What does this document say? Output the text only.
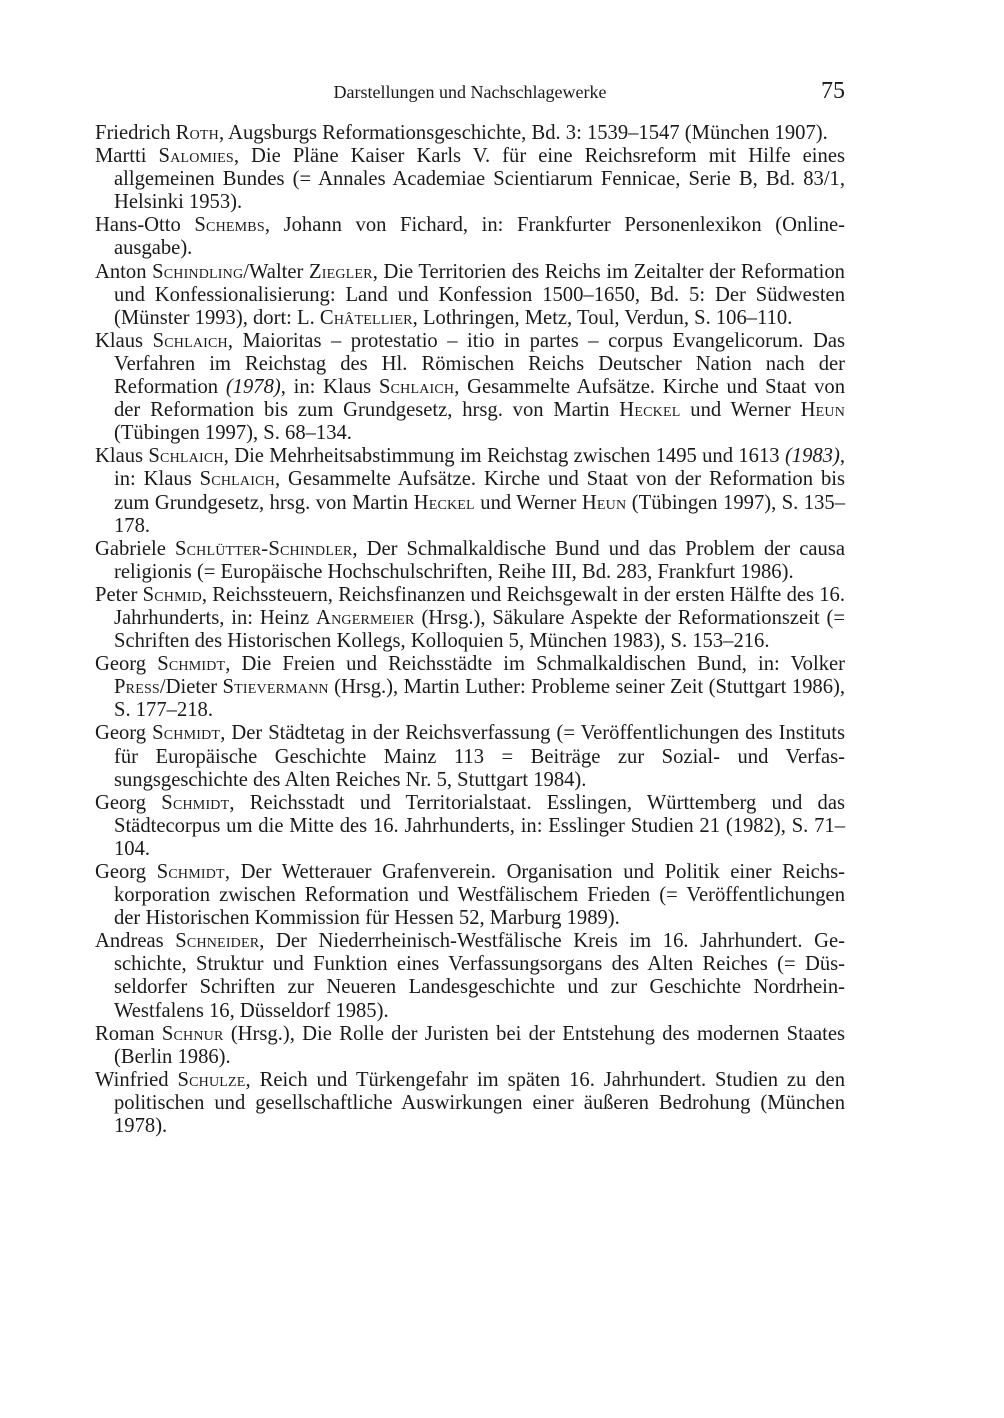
Darstellungen und Nachschlagewerke	75
Friedrich Roth, Augsburgs Reformationsgeschichte, Bd. 3: 1539–1547 (München 1907).
Martti Salomies, Die Pläne Kaiser Karls V. für eine Reichsreform mit Hilfe eines allgemeinen Bundes (= Annales Academiae Scientiarum Fennicae, Serie B, Bd. 83/1, Helsinki 1953).
Hans-Otto Schembs, Johann von Fichard, in: Frankfurter Personenlexikon (Onlineausgabe).
Anton Schindling/Walter Ziegler, Die Territorien des Reichs im Zeitalter der Reformation und Konfessionalisierung: Land und Konfession 1500–1650, Bd. 5: Der Südwesten (Münster 1993), dort: L. Châtellier, Lothringen, Metz, Toul, Verdun, S. 106–110.
Klaus Schlaich, Maioritas – protestatio – itio in partes – corpus Evangelicorum. Das Verfahren im Reichstag des Hl. Römischen Reichs Deutscher Nation nach der Reformation (1978), in: Klaus Schlaich, Gesammelte Aufsätze. Kirche und Staat von der Reformation bis zum Grundgesetz, hrsg. von Martin Heckel und Werner Heun (Tübingen 1997), S. 68–134.
Klaus Schlaich, Die Mehrheitsabstimmung im Reichstag zwischen 1495 und 1613 (1983), in: Klaus Schlaich, Gesammelte Aufsätze. Kirche und Staat von der Reformation bis zum Grundgesetz, hrsg. von Martin Heckel und Werner Heun (Tübingen 1997), S. 135–178.
Gabriele Schlütter-Schindler, Der Schmalkaldische Bund und das Problem der causa religionis (= Europäische Hochschulschriften, Reihe III, Bd. 283, Frankfurt 1986).
Peter Schmid, Reichssteuern, Reichsfinanzen und Reichsgewalt in der ersten Hälfte des 16. Jahrhunderts, in: Heinz Angermeier (Hrsg.), Säkulare Aspekte der Reformationszeit (= Schriften des Historischen Kollegs, Kolloquien 5, München 1983), S. 153–216.
Georg Schmidt, Die Freien und Reichsstädte im Schmalkaldischen Bund, in: Volker Press/Dieter Stievermann (Hrsg.), Martin Luther: Probleme seiner Zeit (Stuttgart 1986), S. 177–218.
Georg Schmidt, Der Städtetag in der Reichsverfassung (= Veröffentlichungen des Instituts für Europäische Geschichte Mainz 113 = Beiträge zur Sozial- und Verfassungsgeschichte des Alten Reiches Nr. 5, Stuttgart 1984).
Georg Schmidt, Reichsstadt und Territorialstaat. Esslingen, Württemberg und das Städtecorpus um die Mitte des 16. Jahrhunderts, in: Esslinger Studien 21 (1982), S. 71–104.
Georg Schmidt, Der Wetterauer Grafenverein. Organisation und Politik einer Reichskorporation zwischen Reformation und Westfälischem Frieden (= Veröffentlichungen der Historischen Kommission für Hessen 52, Marburg 1989).
Andreas Schneider, Der Niederrheinisch-Westfälische Kreis im 16. Jahrhundert. Geschichte, Struktur und Funktion eines Verfassungsorgans des Alten Reiches (= Düsseldorfer Schriften zur Neueren Landesgeschichte und zur Geschichte Nordrhein-Westfalens 16, Düsseldorf 1985).
Roman Schnur (Hrsg.), Die Rolle der Juristen bei der Entstehung des modernen Staates (Berlin 1986).
Winfried Schulze, Reich und Türkengefahr im späten 16. Jahrhundert. Studien zu den politischen und gesellschaftliche Auswirkungen einer äußeren Bedrohung (München 1978).
